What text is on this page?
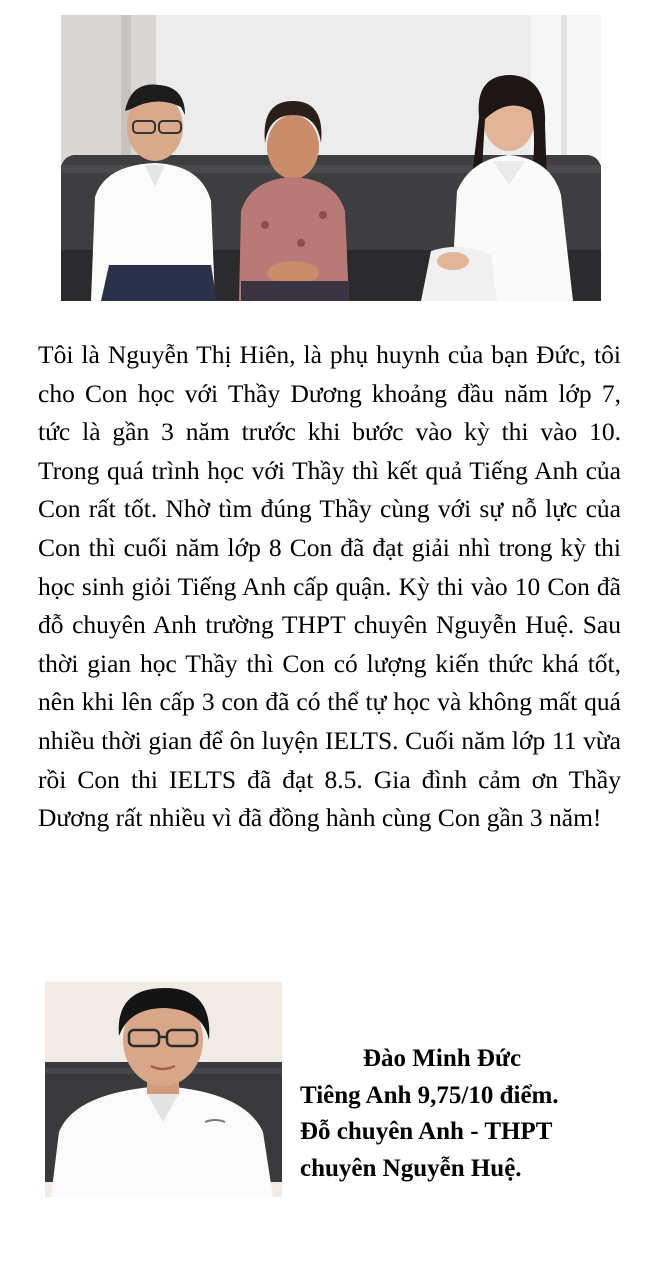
Tôi là Nguyễn Thị Hiên, là phụ huynh của bạn Đức, tôi cho Con học với Thầy Dương khoảng đầu năm lớp 7, tức là gần 3 năm trước khi bước vào kỳ thi vào 10. Trong quá trình học với Thầy thì kết quả Tiếng Anh của Con rất tốt. Nhờ tìm đúng Thầy cùng với sự nỗ lực của Con thì cuối năm lớp 8 Con đã đạt giải nhì trong kỳ thi học sinh giỏi Tiếng Anh cấp quận. Kỳ thi vào 10 Con đã đỗ chuyên Anh trường THPT chuyên Nguyễn Huệ. Sau thời gian học Thầy thì Con có lượng kiến thức khá tốt, nên khi lên cấp 3 con đã có thể tự học và không mất quá nhiều thời gian để ôn luyện IELTS. Cuối năm lớp 11 vừa rồi Con thi IELTS đã đạt 8.5. Gia đình cảm ơn Thầy Dương rất nhiều vì đã đồng hành cùng Con gần 3 năm!

Đào Minh Đức
Tiêng Anh 9,75/10 điểm.
Đỗ chuyên Anh - THPT
chuyên Nguyễn Huệ.
